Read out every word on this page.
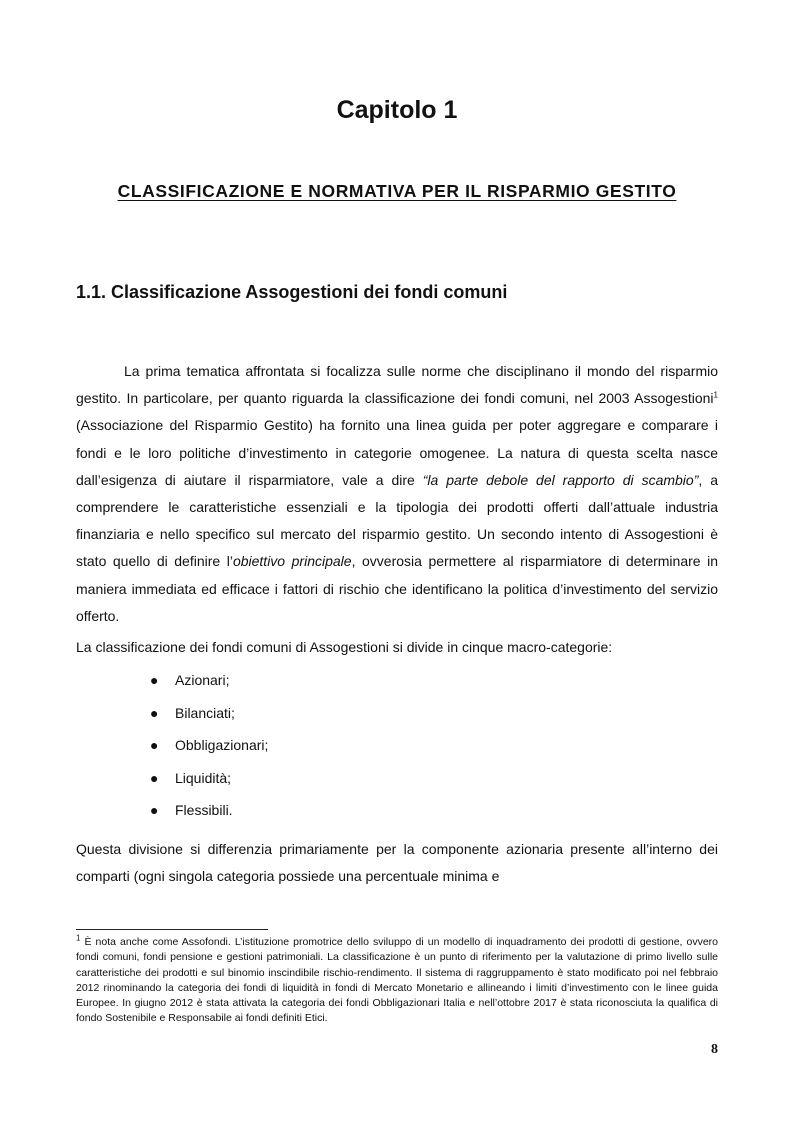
Capitolo 1
CLASSIFICAZIONE E NORMATIVA PER IL RISPARMIO GESTITO
1.1. Classificazione Assogestioni dei fondi comuni
La prima tematica affrontata si focalizza sulle norme che disciplinano il mondo del risparmio gestito. In particolare, per quanto riguarda la classificazione dei fondi comuni, nel 2003 Assogestioni$^1$ (Associazione del Risparmio Gestito) ha fornito una linea guida per poter aggregare e comparare i fondi e le loro politiche d’investimento in categorie omogenee. La natura di questa scelta nasce dall’esigenza di aiutare il risparmiatore, vale a dire “la parte debole del rapporto di scambio”, a comprendere le caratteristiche essenziali e la tipologia dei prodotti offerti dall’attuale industria finanziaria e nello specifico sul mercato del risparmio gestito. Un secondo intento di Assogestioni è stato quello di definire l’obiettivo principale, ovverosia permettere al risparmiatore di determinare in maniera immediata ed efficace i fattori di rischio che identificano la politica d’investimento del servizio offerto.
La classificazione dei fondi comuni di Assogestioni si divide in cinque macro-categorie:
● Azionari;
● Bilanciati;
● Obbligazionari;
● Liquidità;
● Flessibili.
Questa divisione si differenzia primariamente per la componente azionaria presente all’interno dei comparti (ogni singola categoria possiede una percentuale minima e
$^1$ È nota anche come Assofondi. L’istituzione promotrice dello sviluppo di un modello di inquadramento dei prodotti di gestione, ovvero fondi comuni, fondi pensione e gestioni patrimoniali. La classificazione è un punto di riferimento per la valutazione di primo livello sulle caratteristiche dei prodotti e sul binomio inscindibile rischio-rendimento. Il sistema di raggruppamento è stato modificato poi nel febbraio 2012 rinominando la categoria dei fondi di liquidità in fondi di Mercato Monetario e allineando i limiti d’investimento con le linee guida Europee. In giugno 2012 è stata attivata la categoria dei fondi Obbligazionari Italia e nell’ottobre 2017 è stata riconosciuta la qualifica di fondo Sostenibile e Responsabile ai fondi definiti Etici.
8
